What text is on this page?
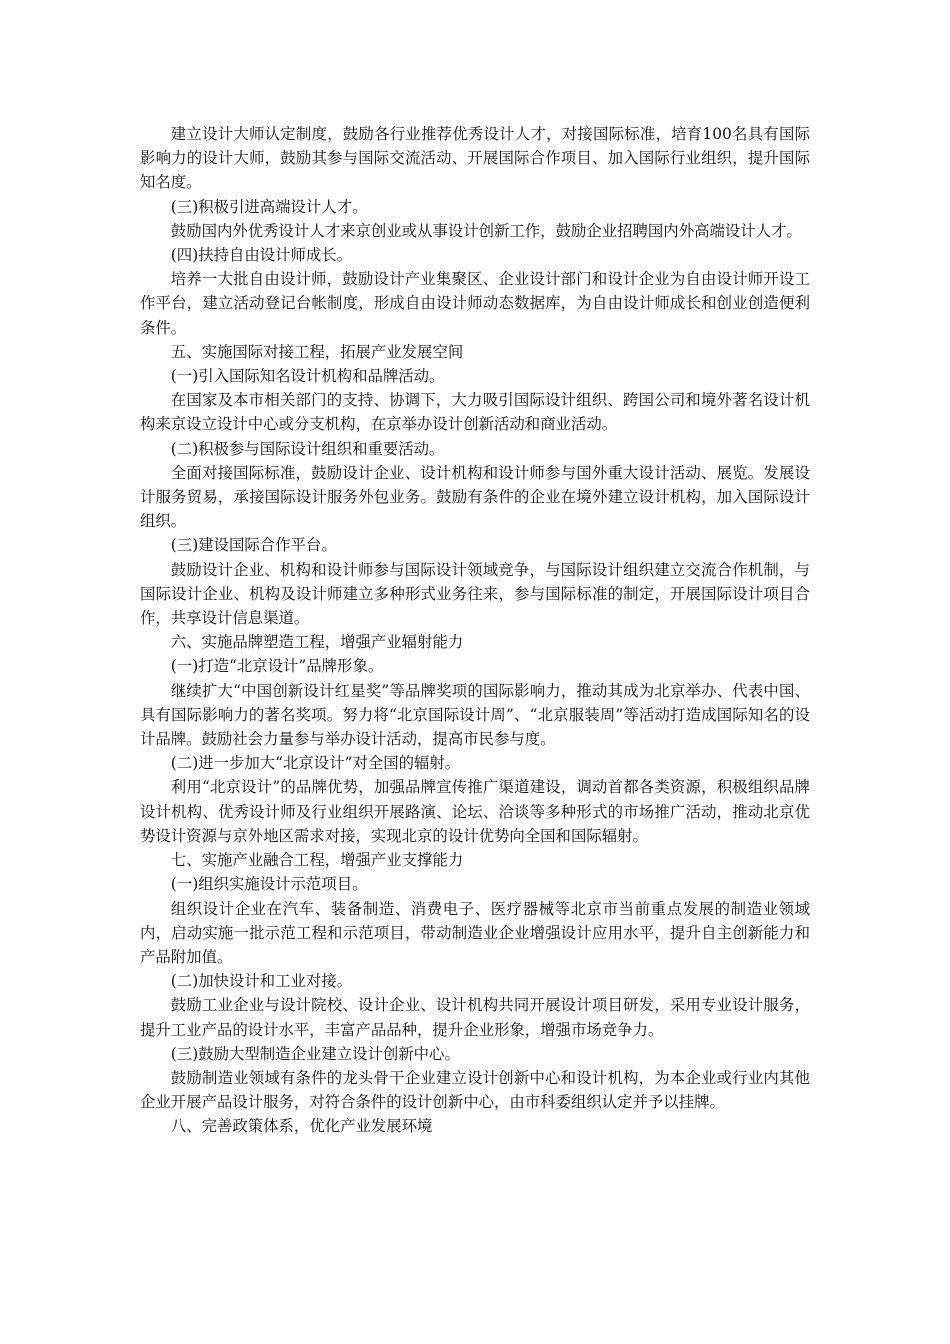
建立设计大师认定制度，鼓励各行业推荐优秀设计人才，对接国际标准，培育100名具有国际影响力的设计大师，鼓励其参与国际交流活动、开展国际合作项目、加入国际行业组织，提升国际知名度。

(三)积极引进高端设计人才。

鼓励国内外优秀设计人才来京创业或从事设计创新工作，鼓励企业招聘国内外高端设计人才。

(四)扶持自由设计师成长。

培养一大批自由设计师，鼓励设计产业集聚区、企业设计部门和设计企业为自由设计师开设工作平台，建立活动登记台帐制度，形成自由设计师动态数据库，为自由设计师成长和创业创造便利条件。

五、实施国际对接工程，拓展产业发展空间

(一)引入国际知名设计机构和品牌活动。

在国家及本市相关部门的支持、协调下，大力吸引国际设计组织、跨国公司和境外著名设计机构来京设立设计中心或分支机构，在京举办设计创新活动和商业活动。

(二)积极参与国际设计组织和重要活动。

全面对接国际标准，鼓励设计企业、设计机构和设计师参与国外重大设计活动、展览。发展设计服务贸易，承接国际设计服务外包业务。鼓励有条件的企业在境外建立设计机构，加入国际设计组织。

(三)建设国际合作平台。

鼓励设计企业、机构和设计师参与国际设计领域竞争，与国际设计组织建立交流合作机制，与国际设计企业、机构及设计师建立多种形式业务往来，参与国际标准的制定，开展国际设计项目合作，共享设计信息渠道。

六、实施品牌塑造工程，增强产业辐射能力

(一)打造“北京设计”品牌形象。

继续扩大“中国创新设计红星奖”等品牌奖项的国际影响力，推动其成为北京举办、代表中国、具有国际影响力的著名奖项。努力将“北京国际设计周”、“北京服装周”等活动打造成国际知名的设计品牌。鼓励社会力量参与举办设计活动，提高市民参与度。

(二)进一步加大“北京设计”对全国的辐射。

利用“北京设计”的品牌优势，加强品牌宣传推广渠道建设，调动首都各类资源，积极组织品牌设计机构、优秀设计师及行业组织开展路演、论坛、洽谈等多种形式的市场推广活动，推动北京优势设计资源与京外地区需求对接，实现北京的设计优势向全国和国际辐射。

七、实施产业融合工程，增强产业支撑能力

(一)组织实施设计示范项目。

组织设计企业在汽车、装备制造、消费电子、医疗器械等北京市当前重点发展的制造业领域内，启动实施一批示范工程和示范项目，带动制造业企业增强设计应用水平，提升自主创新能力和产品附加值。

(二)加快设计和工业对接。

鼓励工业企业与设计院校、设计企业、设计机构共同开展设计项目研发，采用专业设计服务，提升工业产品的设计水平，丰富产品品种，提升企业形象，增强市场竞争力。

(三)鼓励大型制造企业建立设计创新中心。

鼓励制造业领域有条件的龙头骨干企业建立设计创新中心和设计机构，为本企业或行业内其他企业开展产品设计服务，对符合条件的设计创新中心，由市科委组织认定并予以挂牌。

八、完善政策体系，优化产业发展环境
